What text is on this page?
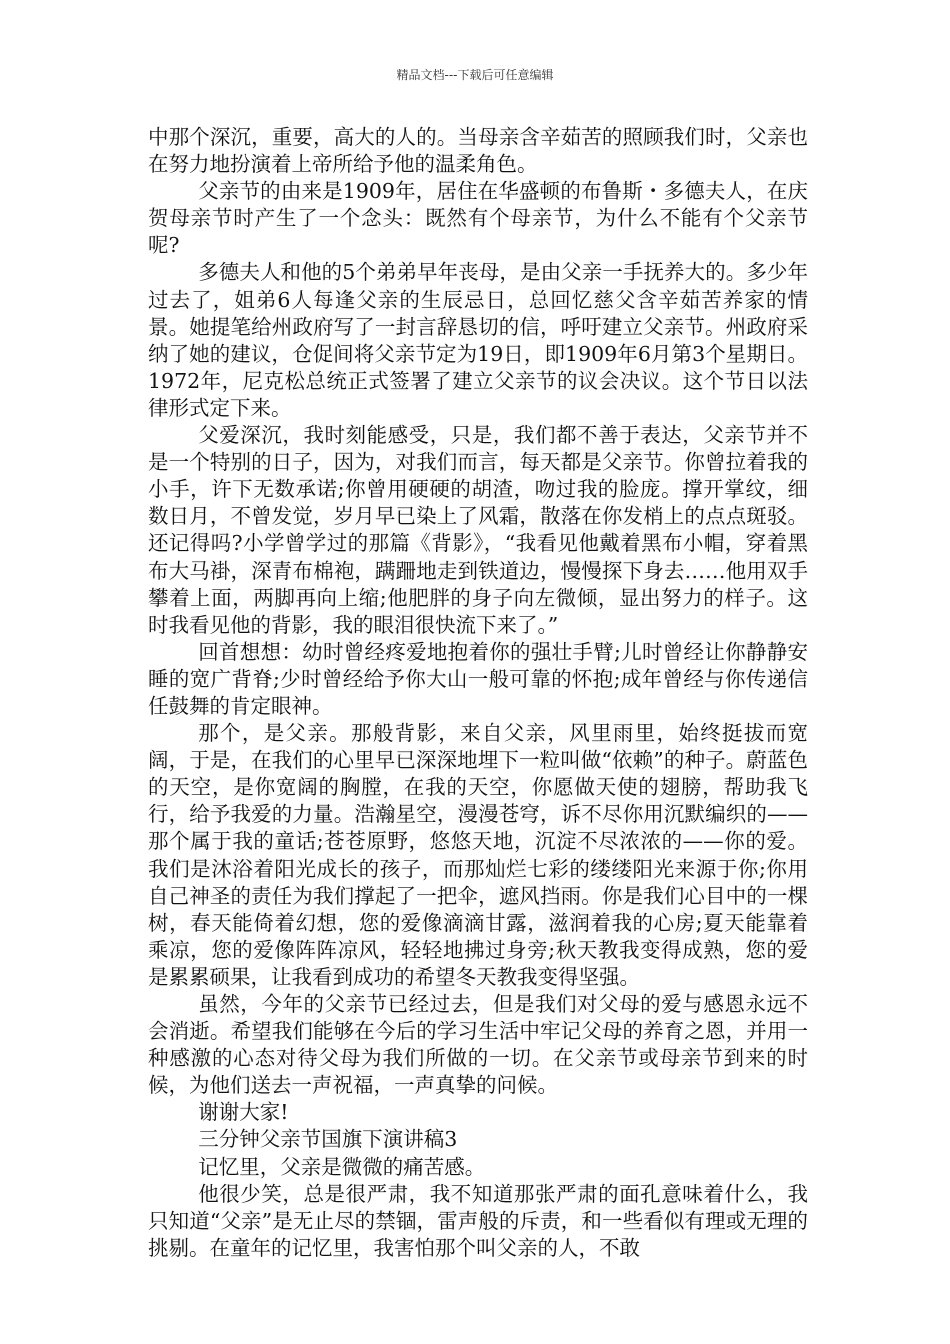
精品文档---下载后可任意编辑

中那个深沉，重要，高大的人的。当母亲含辛茹苦的照顾我们时，父亲也在努力地扮演着上帝所给予他的温柔角色。

父亲节的由来是1909年，居住在华盛顿的布鲁斯・多德夫人，在庆贺母亲节时产生了一个念头：既然有个母亲节，为什么不能有个父亲节呢?

多德夫人和他的5个弟弟早年丧母，是由父亲一手抚养大的。多少年过去了，姐弟6人每逢父亲的生辰忌日，总回忆慈父含辛茹苦养家的情景。她提笔给州政府写了一封言辞恳切的信，呼吁建立父亲节。州政府采纳了她的建议，仓促间将父亲节定为19日，即1909年6月第3个星期日。1972年，尼克松总统正式签署了建立父亲节的议会决议。这个节日以法律形式定下来。

父爱深沉，我时刻能感受，只是，我们都不善于表达，父亲节并不是一个特别的日子，因为，对我们而言，每天都是父亲节。你曾拉着我的小手，许下无数承诺;你曾用硬硬的胡渣，吻过我的脸庞。撑开掌纹，细数日月，不曾发觉，岁月早已染上了风霜，散落在你发梢上的点点斑驳。还记得吗?小学曾学过的那篇《背影》，“我看见他戴着黑布小帽，穿着黑布大马褂，深青布棉袍，蹒跚地走到铁道边，慢慢探下身去……他用双手攀着上面，两脚再向上缩;他肥胖的身子向左微倾，显出努力的样子。这时我看见他的背影，我的眼泪很快流下来了。”

回首想想：幼时曾经疼爱地抱着你的强壮手臂;儿时曾经让你静静安睡的宽广背脊;少时曾经给予你大山一般可靠的怀抱;成年曾经与你传递信任鼓舞的肯定眼神。

那个，是父亲。那般背影，来自父亲，风里雨里，始终挺拔而宽阔，于是，在我们的心里早已深深地埋下一粒叫做“依赖”的种子。蔚蓝色的天空，是你宽阔的胸膛，在我的天空，你愿做天使的翅膀，帮助我飞行，给予我爱的力量。浩瀚星空，漫漫苍穹，诉不尽你用沉默编织的——那个属于我的童话;苍苍原野，悠悠天地，沉淀不尽浓浓的——你的爱。我们是沐浴着阳光成长的孩子，而那灿烂七彩的缕缕阳光来源于你;你用自己神圣的责任为我们撑起了一把伞，遮风挡雨。你是我们心目中的一棵树，春天能倚着幻想，您的爱像滴滴甘露，滋润着我的心房;夏天能靠着乘凉，您的爱像阵阵凉风，轻轻地拂过身旁;秋天教我变得成熟，您的爱是累累硕果，让我看到成功的希望冬天教我变得坚强。

虽然，今年的父亲节已经过去，但是我们对父母的爱与感恩永远不会消逝。希望我们能够在今后的学习生活中牢记父母的养育之恩，并用一种感激的心态对待父母为我们所做的一切。在父亲节或母亲节到来的时候，为他们送去一声祝福，一声真挚的问候。

谢谢大家!

三分钟父亲节国旗下演讲稿3

记忆里，父亲是微微的痛苦感。

他很少笑，总是很严肃，我不知道那张严肃的面孔意味着什么，我只知道“父亲”是无止尽的禁锢，雷声般的斥责，和一些看似有理或无理的挑剔。在童年的记忆里，我害怕那个叫父亲的人，不敢
